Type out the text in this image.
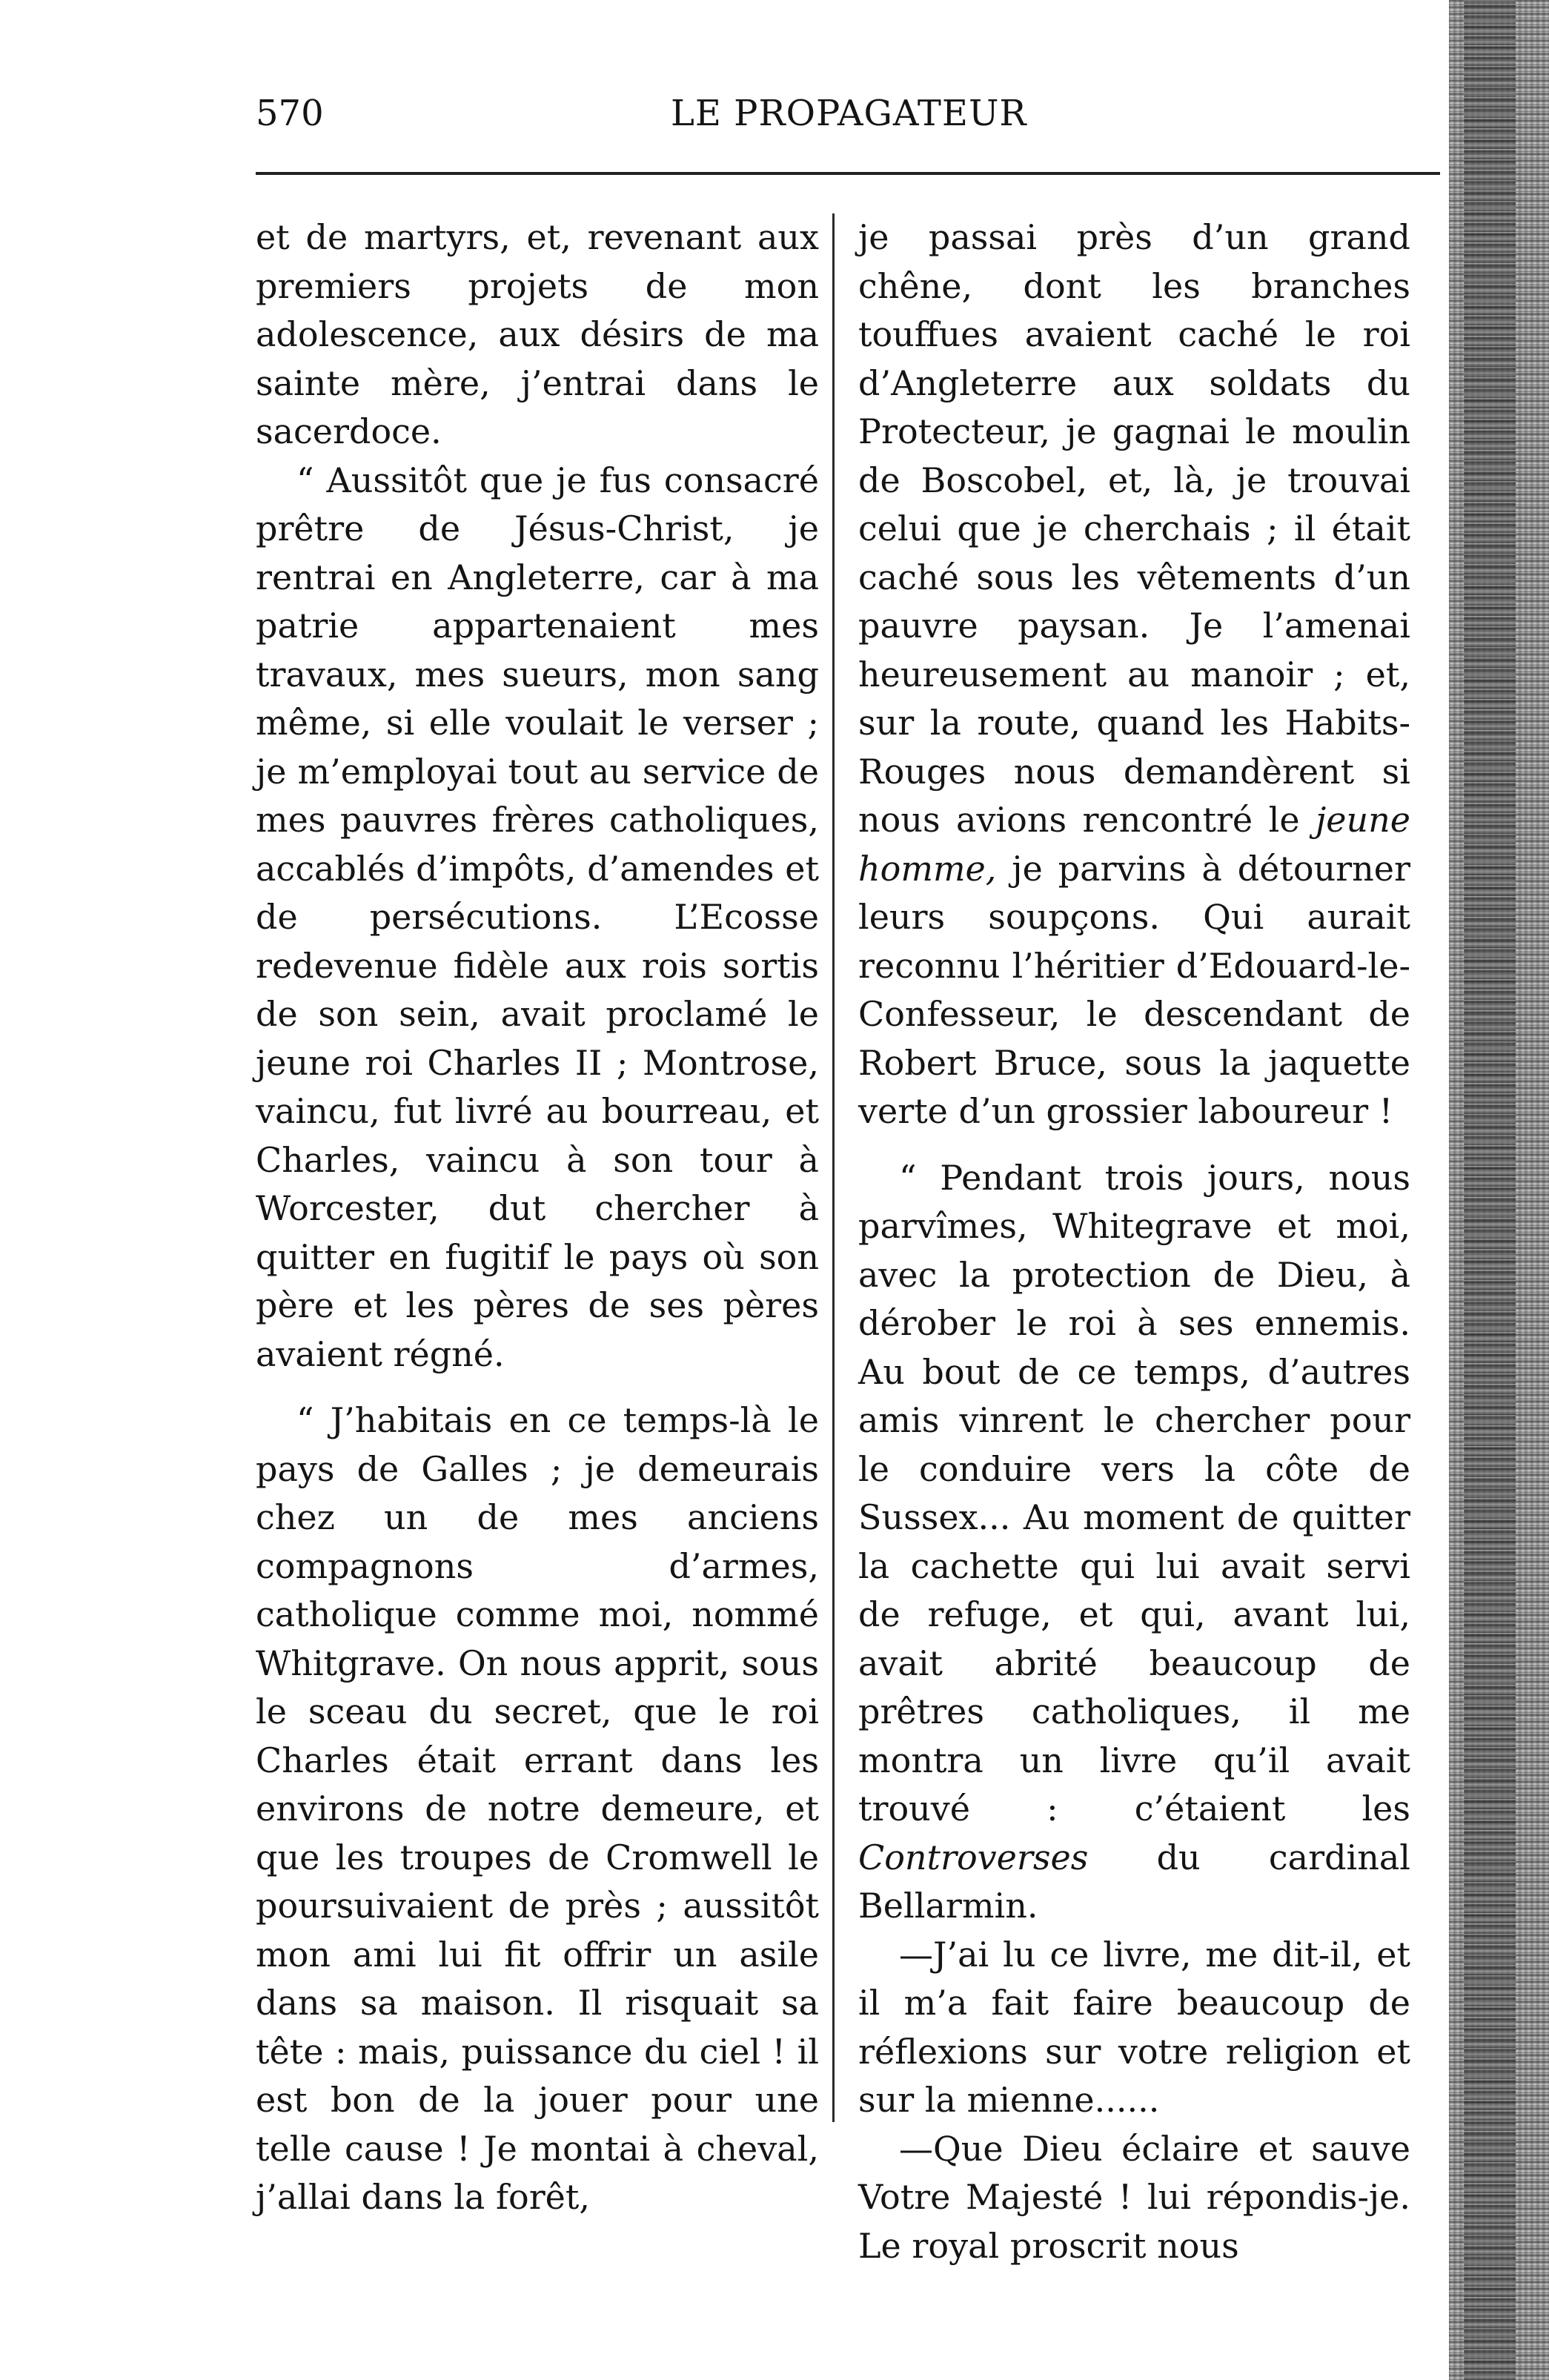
570	LE PROPAGATEUR

et de martyrs, et, revenant aux premiers projets de mon adolescence, aux désirs de ma sainte mère, j’entrai dans le sacerdoce.

“ Aussitôt que je fus consacré prêtre de Jésus-Christ, je rentrai en Angleterre, car à ma patrie appartenaient mes travaux, mes sueurs, mon sang même, si elle voulait le verser ; je m’employai tout au service de mes pauvres frères catholiques, accablés d’impôts, d’amendes et de persécutions. L’Ecosse redevenue fidèle aux rois sortis de son sein, avait proclamé le jeune roi Charles II ; Montrose, vaincu, fut livré au bourreau, et Charles, vaincu à son tour à Worcester, dut chercher à quitter en fugitif le pays où son père et les pères de ses pères avaient régné.

“ J’habitais en ce temps-là le pays de Galles ; je demeurais chez un de mes anciens compagnons d’armes, catholique comme moi, nommé Whitgrave. On nous apprit, sous le sceau du secret, que le roi Charles était errant dans les environs de notre demeure, et que les troupes de Cromwell le poursuivaient de près ; aussitôt mon ami lui fit offrir un asile dans sa maison. Il risquait sa tête : mais, puissance du ciel ! il est bon de la jouer pour une telle cause ! Je montai à cheval, j’allai dans la forêt,

je passai près d’un grand chêne, dont les branches touffues avaient caché le roi d’Angleterre aux soldats du Protecteur, je gagnai le moulin de Boscobel, et, là, je trouvai celui que je cherchais ; il était caché sous les vêtements d’un pauvre paysan. Je l’amenai heureusement au manoir ; et, sur la route, quand les Habits-Rouges nous demandèrent si nous avions rencontré le jeune homme, je parvins à détourner leurs soupçons. Qui aurait reconnu l’héritier d’Edouard-le-Confesseur, le descendant de Robert Bruce, sous la jaquette verte d’un grossier laboureur !

“ Pendant trois jours, nous parvîmes, Whitegrave et moi, avec la protection de Dieu, à dérober le roi à ses ennemis. Au bout de ce temps, d’autres amis vinrent le chercher pour le conduire vers la côte de Sussex... Au moment de quitter la cachette qui lui avait servi de refuge, et qui, avant lui, avait abrité beaucoup de prêtres catholiques, il me montra un livre qu’il avait trouvé : c’étaient les Controverses du cardinal Bellarmin.

—J’ai lu ce livre, me dit-il, et il m’a fait faire beaucoup de réflexions sur votre religion et sur la mienne......

—Que Dieu éclaire et sauve Votre Majesté ! lui répondis-je. Le royal proscrit nous
